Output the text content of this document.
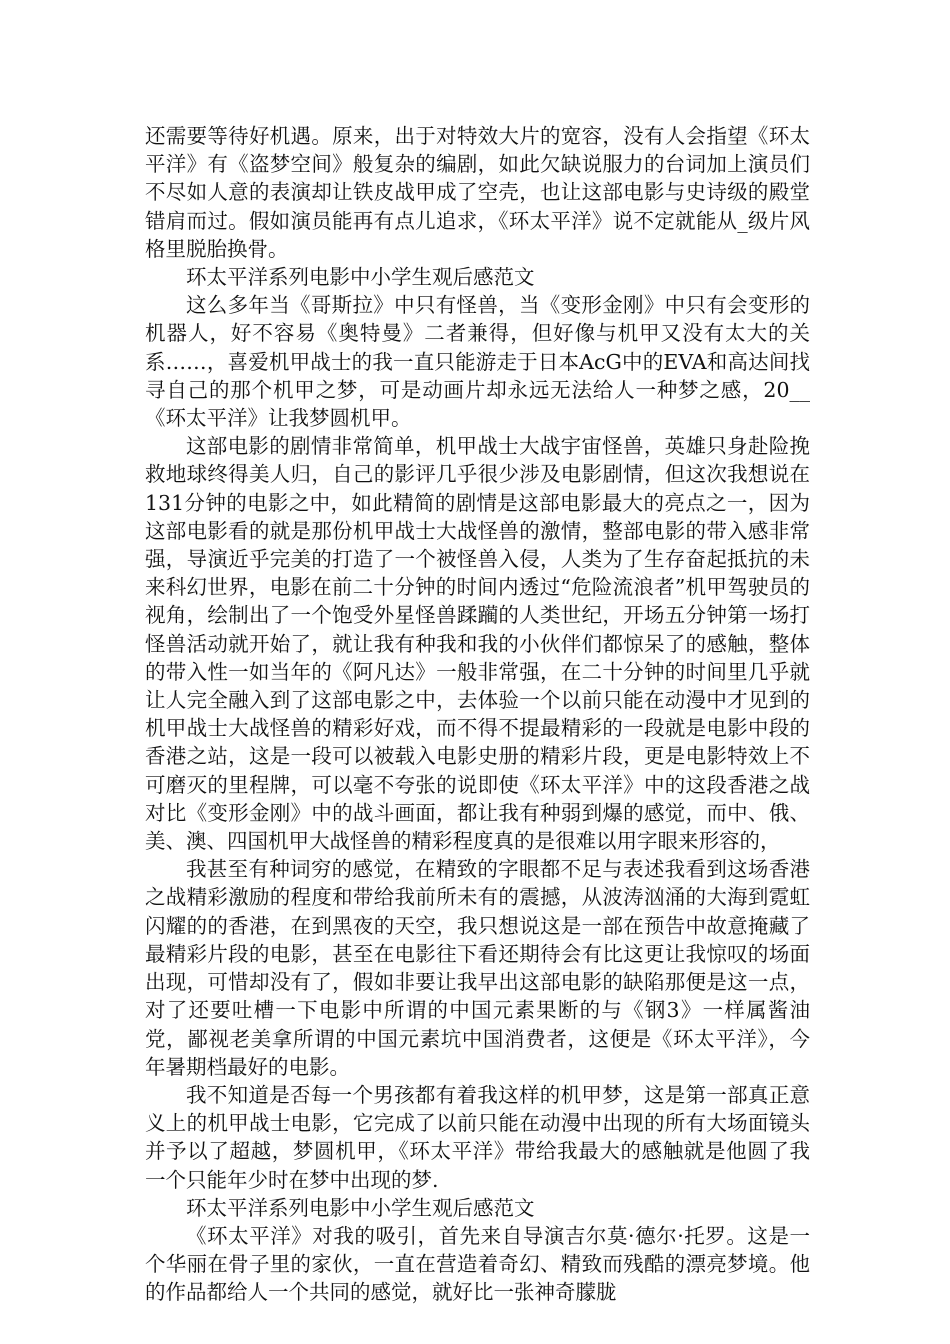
还需要等待好机遇。原来，出于对特效大片的宽容，没有人会指望《环太平洋》有《盗梦空间》般复杂的编剧，如此欠缺说服力的台词加上演员们不尽如人意的表演却让铁皮战甲成了空壳，也让这部电影与史诗级的殿堂错肩而过。假如演员能再有点儿追求，《环太平洋》说不定就能从_级片风格里脱胎换骨。

环太平洋系列电影中小学生观后感范文

这么多年当《哥斯拉》中只有怪兽，当《变形金刚》中只有会变形的机器人，好不容易《奥特曼》二者兼得，但好像与机甲又没有太大的关系……，喜爱机甲战士的我一直只能游走于日本AcG中的EVA和高达间找寻自己的那个机甲之梦，可是动画片却永远无法给人一种梦之感，20__《环太平洋》让我梦圆机甲。

这部电影的剧情非常简单，机甲战士大战宇宙怪兽，英雄只身赴险挽救地球终得美人归，自己的影评几乎很少涉及电影剧情，但这次我想说在131分钟的电影之中，如此精简的剧情是这部电影最大的亮点之一，因为这部电影看的就是那份机甲战士大战怪兽的激情，整部电影的带入感非常强，导演近乎完美的打造了一个被怪兽入侵，人类为了生存奋起抵抗的未来科幻世界，电影在前二十分钟的时间内透过“危险流浪者”机甲驾驶员的视角，绘制出了一个饱受外星怪兽蹂躏的人类世纪，开场五分钟第一场打怪兽活动就开始了，就让我有种我和我的小伙伴们都惊呆了的感触，整体的带入性一如当年的《阿凡达》一般非常强，在二十分钟的时间里几乎就让人完全融入到了这部电影之中，去体验一个以前只能在动漫中才见到的机甲战士大战怪兽的精彩好戏，而不得不提最精彩的一段就是电影中段的香港之站，这是一段可以被载入电影史册的精彩片段，更是电影特效上不可磨灭的里程牌，可以毫不夸张的说即使《环太平洋》中的这段香港之战对比《变形金刚》中的战斗画面，都让我有种弱到爆的感觉，而中、俄、美、澳、四国机甲大战怪兽的精彩程度真的是很难以用字眼来形容的，

我甚至有种词穷的感觉，在精致的字眼都不足与表述我看到这场香港之战精彩激励的程度和带给我前所未有的震撼，从波涛汹涌的大海到霓虹闪耀的的香港，在到黑夜的天空，我只想说这是一部在预告中故意掩藏了最精彩片段的电影，甚至在电影往下看还期待会有比这更让我惊叹的场面出现，可惜却没有了，假如非要让我早出这部电影的缺陷那便是这一点，对了还要吐槽一下电影中所谓的中国元素果断的与《钢3》一样属酱油党，鄙视老美拿所谓的中国元素坑中国消费者，这便是《环太平洋》，今年暑期档最好的电影。

我不知道是否每一个男孩都有着我这样的机甲梦，这是第一部真正意义上的机甲战士电影，它完成了以前只能在动漫中出现的所有大场面镜头并予以了超越，梦圆机甲，《环太平洋》带给我最大的感触就是他圆了我一个只能年少时在梦中出现的梦.

环太平洋系列电影中小学生观后感范文

《环太平洋》对我的吸引，首先来自导演吉尔莫·德尔·托罗。这是一个华丽在骨子里的家伙，一直在营造着奇幻、精致而残酷的漂亮梦境。他的作品都给人一个共同的感觉，就好比一张神奇朦胧
